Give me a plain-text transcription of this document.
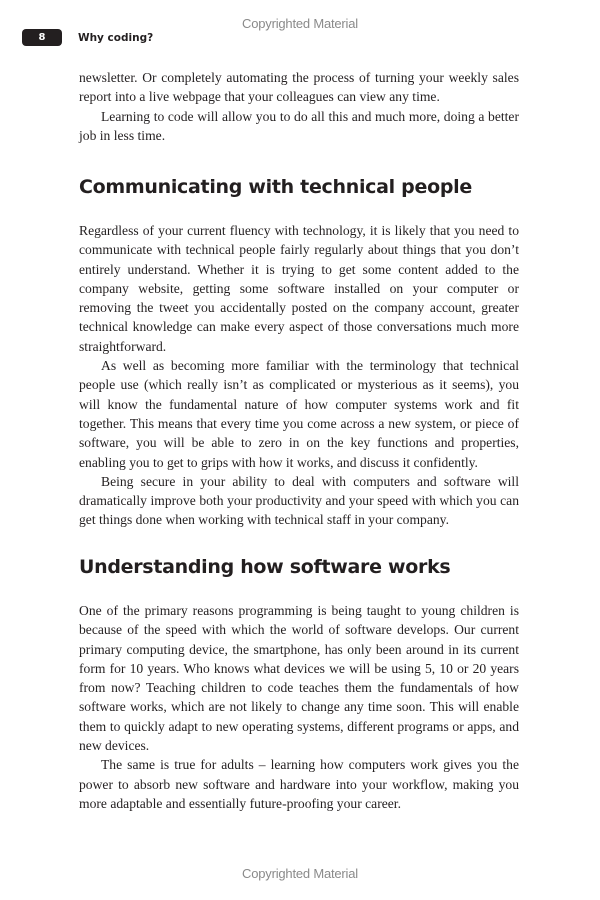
Copyrighted Material
8	Why coding?

newsletter. Or completely automating the process of turning your weekly sales report into a live webpage that your colleagues can view any time.

Learning to code will allow you to do all this and much more, doing a better job in less time.

Communicating with technical people

Regardless of your current fluency with technology, it is likely that you need to communicate with technical people fairly regularly about things that you don’t entirely understand. Whether it is trying to get some content added to the company website, getting some software installed on your computer or removing the tweet you accidentally posted on the company account, greater technical knowledge can make every aspect of those conversations much more straightforward.

As well as becoming more familiar with the terminology that technical people use (which really isn’t as complicated or mysterious as it seems), you will know the fundamental nature of how computer systems work and fit together. This means that every time you come across a new system, or piece of software, you will be able to zero in on the key functions and properties, enabling you to get to grips with how it works, and discuss it confidently.

Being secure in your ability to deal with computers and software will dramatically improve both your productivity and your speed with which you can get things done when working with technical staff in your company.

Understanding how software works

One of the primary reasons programming is being taught to young children is because of the speed with which the world of software develops. Our current primary computing device, the smartphone, has only been around in its current form for 10 years. Who knows what devices we will be using 5, 10 or 20 years from now? Teaching children to code teaches them the fundamentals of how software works, which are not likely to change any time soon. This will enable them to quickly adapt to new operating systems, different programs or apps, and new devices.

The same is true for adults – learning how computers work gives you the power to absorb new software and hardware into your workflow, making you more adaptable and essentially future-proofing your career.

Copyrighted Material
